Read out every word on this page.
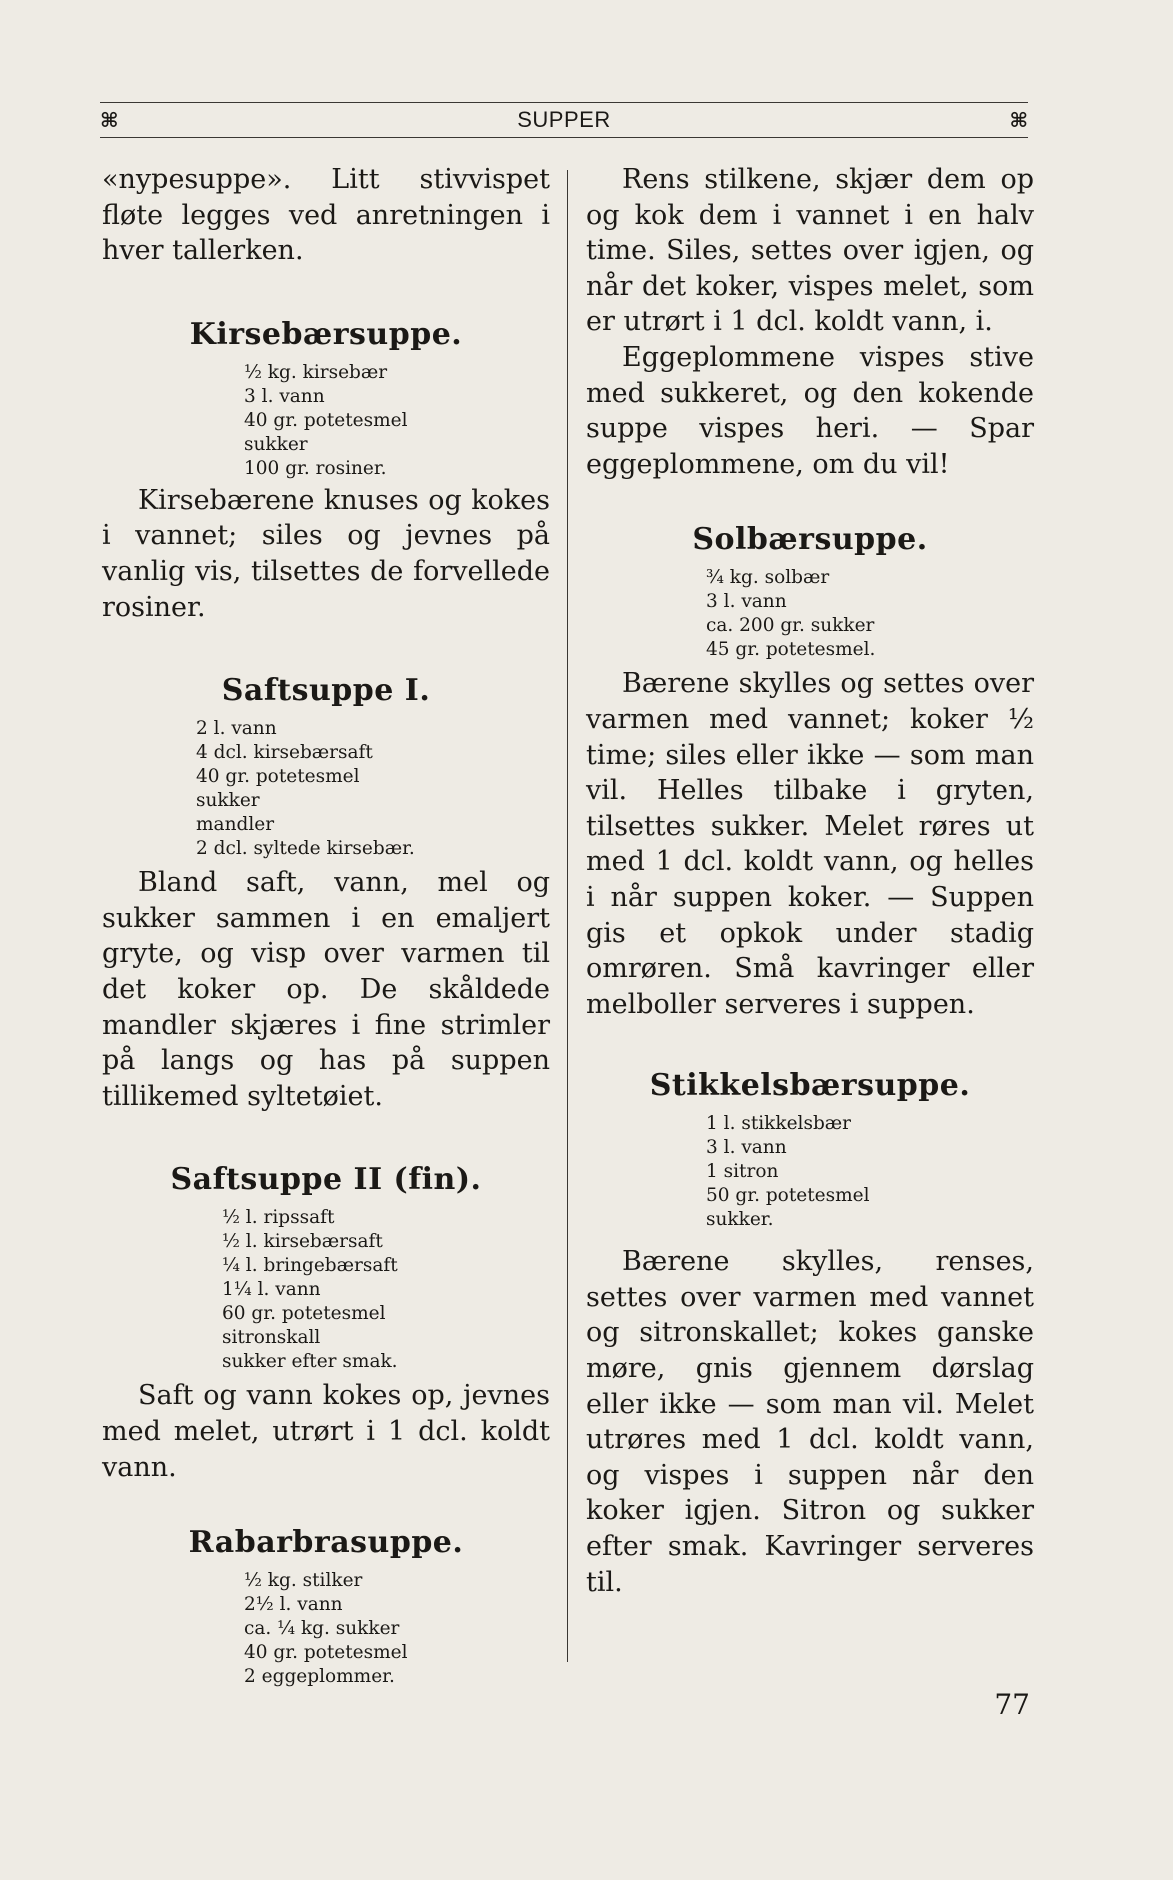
⌘	SUPPER	⌘

«nypesuppe». Litt stivvispet fløte legges ved anretningen i hver tallerken.

Kirsebærsuppe.
½ kg. kirsebær
3 l. vann
40 gr. potetesmel
sukker
100 gr. rosiner.

Kirsebærene knuses og kokes i vannet; siles og jevnes på vanlig vis, tilsettes de forvellede rosiner.

Saftsuppe I.
2 l. vann
4 dcl. kirsebærsaft
40 gr. potetesmel
sukker
mandler
2 dcl. syltede kirsebær.

Bland saft, vann, mel og sukker sammen i en emaljert gryte, og visp over varmen til det koker op. De skåldede mandler skjæres i fine strimler på langs og has på suppen tillikemed syltetøiet.

Saftsuppe II (fin).
½ l. ripssaft
½ l. kirsebærsaft
¼ l. bringebærsaft
1¼ l. vann
60 gr. potetesmel
sitronskall
sukker efter smak.

Saft og vann kokes op, jevnes med melet, utrørt i 1 dcl. koldt vann.

Rabarbrasuppe.
½ kg. stilker
2½ l. vann
ca. ¼ kg. sukker
40 gr. potetesmel
2 eggeplommer.

Rens stilkene, skjær dem op og kok dem i vannet i en halv time. Siles, settes over igjen, og når det koker, vispes melet, som er utrørt i 1 dcl. koldt vann, i.

Eggeplommene vispes stive med sukkeret, og den kokende suppe vispes heri. — Spar eggeplommene, om du vil!

Solbærsuppe.
¾ kg. solbær
3 l. vann
ca. 200 gr. sukker
45 gr. potetesmel.

Bærene skylles og settes over varmen med vannet; koker ½ time; siles eller ikke — som man vil. Helles tilbake i gryten, tilsettes sukker. Melet røres ut med 1 dcl. koldt vann, og helles i når suppen koker. — Suppen gis et opkok under stadig omrøren. Små kavringer eller melboller serveres i suppen.

Stikkelsbærsuppe.
1 l. stikkelsbær
3 l. vann
1 sitron
50 gr. potetesmel
sukker.

Bærene skylles, renses, settes over varmen med vannet og sitronskallet; kokes ganske møre, gnis gjennem dørslag eller ikke — som man vil. Melet utrøres med 1 dcl. koldt vann, og vispes i suppen når den koker igjen. Sitron og sukker efter smak. Kavringer serveres til.

77
